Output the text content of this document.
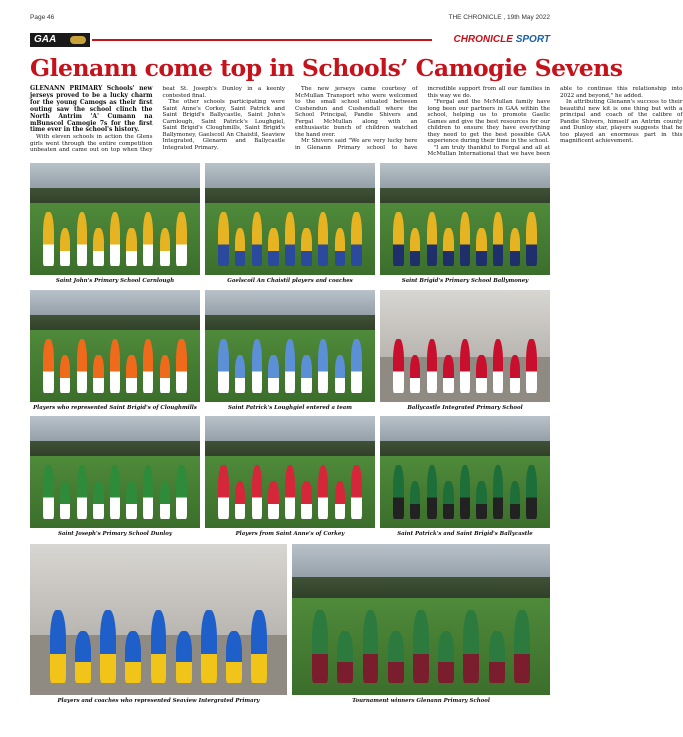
Page 46	THE CHRONICLE , 19th May 2022
GAA	CHRONICLE SPORT
Glenann come top in Schools’ Camogie Sevens

GLENANN PRIMARY Schools' new jerseys proved to be a lucky charm for the young Camogs as their first outing saw the school clinch the North Antrim 'A' Cumann na mBunscol Camogie 7s for the first time ever in the school's history.

With eleven schools in action the Glens girls went through the entire competition unbeaten and came out on top when they beat St. Joseph's Dunloy in a keenly contested final.

The other schools participating were Saint Anne's Corkey, Saint Patrick and Saint Brigid's Ballycastle, Saint John's Carnlough, Saint Patrick's Loughgiel, Saint Brigid's Cloughmills, Saint Brigid's Ballymoney, Gaelscoil An Chaistil, Seaview Integrated, Glenarm and Ballycastle Integrated Primary.

The new jerseys came courtesy of McMullan Transport who were welcomed to the small school situated between Cushendun and Cushendall where the School Principal, Pandie Shivers and Fergal McMullan along with an enthusiastic bunch of children watched the hand over.

Mr Shivers said "We are very lucky here in Glenann Primary school to have incredible support from all our families in this way we do.

"Fergal and the McMullan family have long been our partners in GAA within the school, helping us to promote Gaelic Games and give the best resources for our children to ensure they have everything they need to get the best possible GAA experience during their time in the school.

"I am truly thankful to Fergal and all at McMullan International that we have been able to continue this relationship into 2022 and beyond," he added.

In attributing Glenann's success to their beautiful new kit is one thing but with a principal and coach of the calibre of Pandie Shivers, himself an Antrim county and Dunloy star, players suggests that he too played an enormous part in this magnificent achievement.

Saint John's Primary School Carnlough	Gaelscoil An Chaistil players and coaches	Saint Brigid's Primary School Ballymoney
Players who represented Saint Brigid's of Cloughmills	Saint Patrick's Loughgiel entered a team	Ballycastle Integrated Primary School
Saint Joseph's Primary School Dunloy	Players from Saint Anne's of Corkey	Saint Patrick's and Saint Brigid's Ballycastle
Players and coaches who represented Seaview Intergrated Primary	Tournament winners Glenann Primary School
